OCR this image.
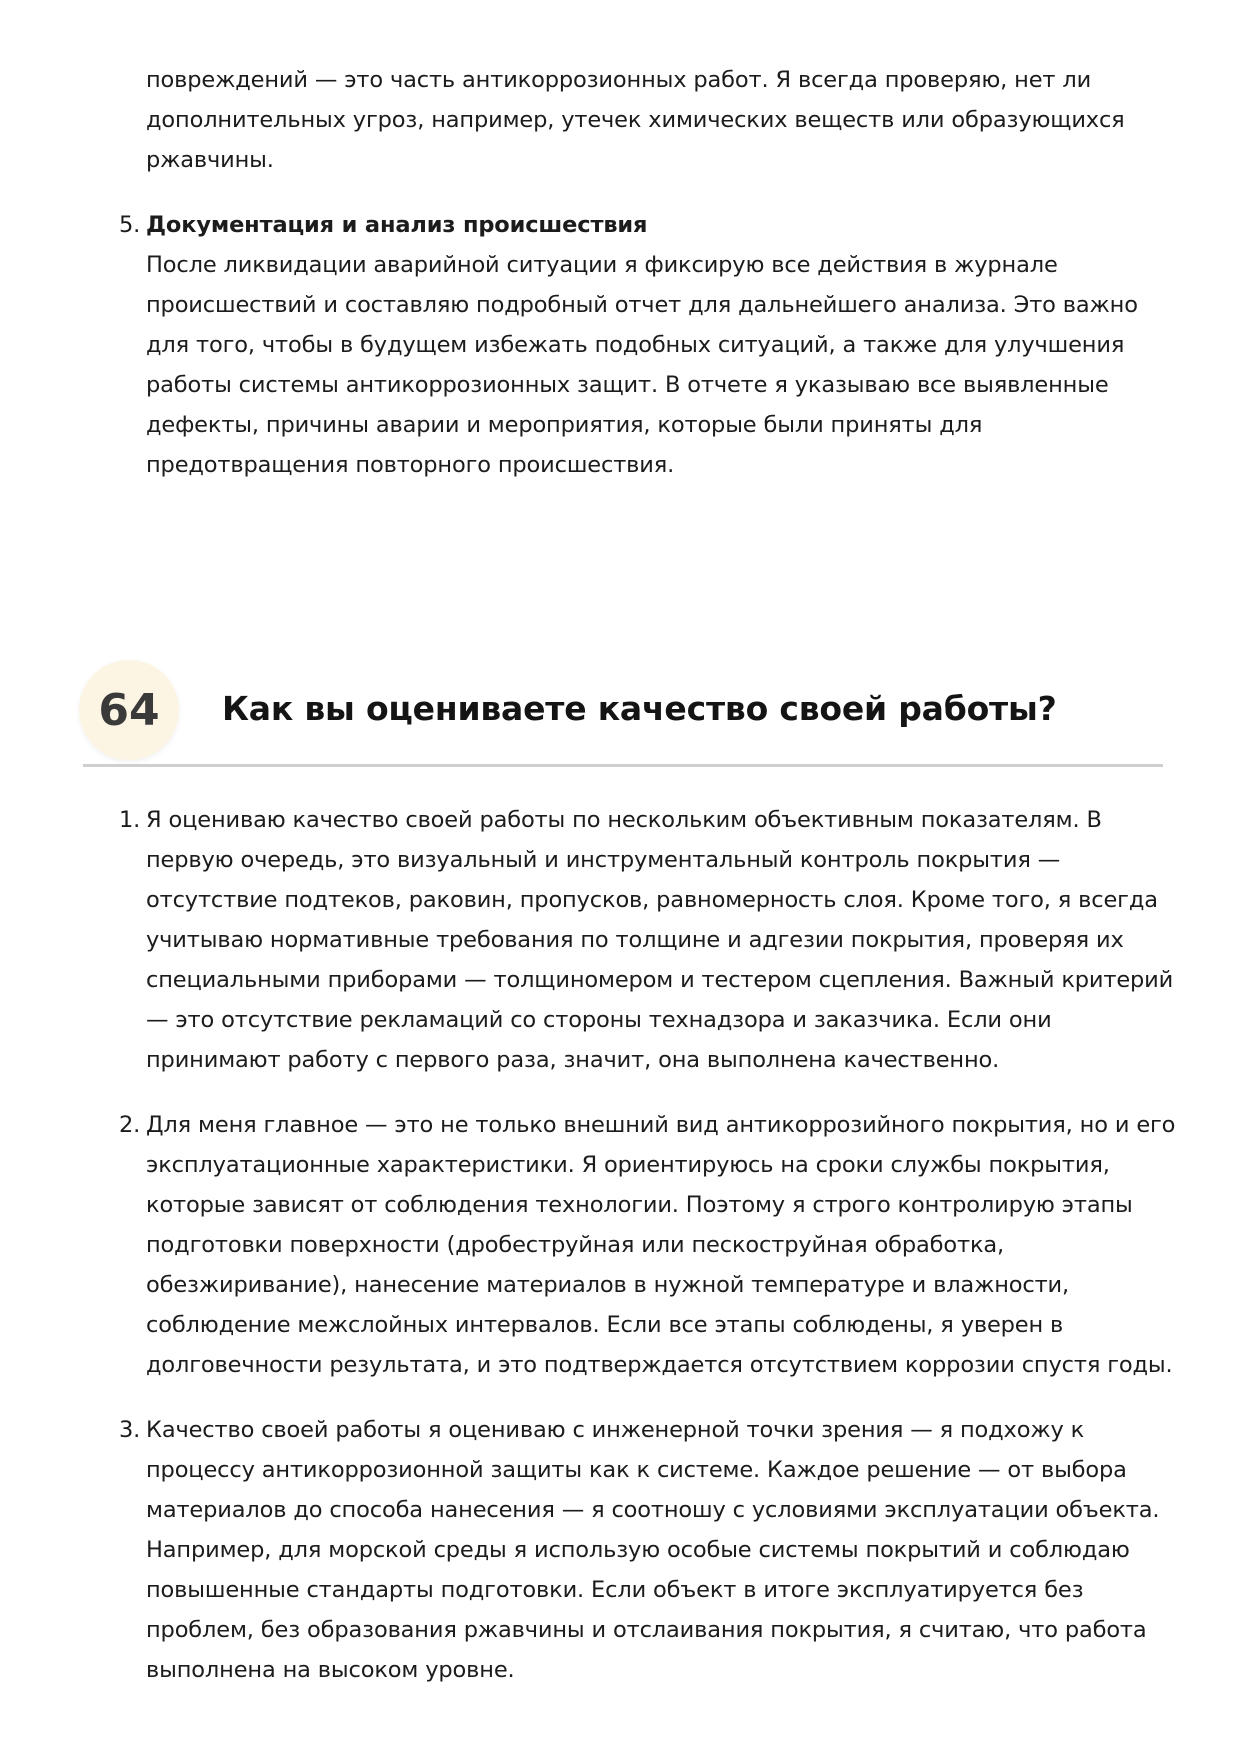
повреждений — это часть антикоррозионных работ. Я всегда проверяю, нет ли дополнительных угроз, например, утечек химических веществ или образующихся ржавчины.

5. Документация и анализ происшествия
После ликвидации аварийной ситуации я фиксирую все действия в журнале происшествий и составляю подробный отчет для дальнейшего анализа. Это важно для того, чтобы в будущем избежать подобных ситуаций, а также для улучшения работы системы антикоррозионных защит. В отчете я указываю все выявленные дефекты, причины аварии и мероприятия, которые были приняты для предотвращения повторного происшествия.
64	Как вы оцениваете качество своей работы?
1. Я оцениваю качество своей работы по нескольким объективным показателям. В первую очередь, это визуальный и инструментальный контроль покрытия — отсутствие подтеков, раковин, пропусков, равномерность слоя. Кроме того, я всегда учитываю нормативные требования по толщине и адгезии покрытия, проверяя их специальными приборами — толщиномером и тестером сцепления. Важный критерий — это отсутствие рекламаций со стороны технадзора и заказчика. Если они принимают работу с первого раза, значит, она выполнена качественно.
2. Для меня главное — это не только внешний вид антикоррозийного покрытия, но и его эксплуатационные характеристики. Я ориентируюсь на сроки службы покрытия, которые зависят от соблюдения технологии. Поэтому я строго контролирую этапы подготовки поверхности (дробеструйная или пескоструйная обработка, обезжиривание), нанесение материалов в нужной температуре и влажности, соблюдение межслойных интервалов. Если все этапы соблюдены, я уверен в долговечности результата, и это подтверждается отсутствием коррозии спустя годы.
3. Качество своей работы я оцениваю с инженерной точки зрения — я подхожу к процессу антикоррозионной защиты как к системе. Каждое решение — от выбора материалов до способа нанесения — я соотношу с условиями эксплуатации объекта. Например, для морской среды я использую особые системы покрытий и соблюдаю повышенные стандарты подготовки. Если объект в итоге эксплуатируется без проблем, без образования ржавчины и отслаивания покрытия, я считаю, что работа выполнена на высоком уровне.
